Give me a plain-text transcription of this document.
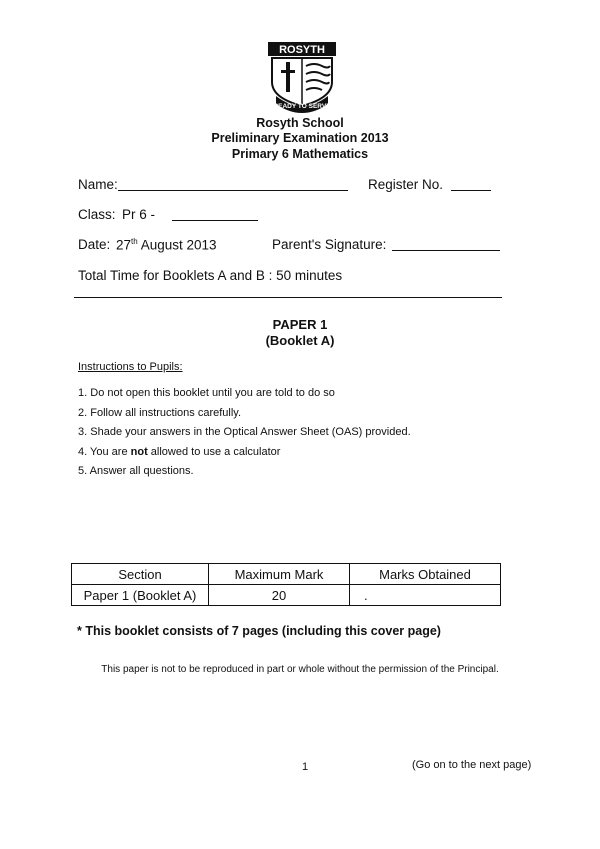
ROSYTH
READY TO SERVE
Rosyth School
Preliminary Examination 2013
Primary 6 Mathematics
Name:	Register No.
Class: Pr 6 -
Date: 27th August 2013	Parent's Signature:
Total Time for Booklets A and B : 50 minutes
PAPER 1
(Booklet A)
Instructions to Pupils:
1. Do not open this booklet until you are told to do so
2. Follow all instructions carefully.
3. Shade your answers in the Optical Answer Sheet (OAS) provided.
4. You are not allowed to use a calculator
5. Answer all questions.
Section	Maximum Mark	Marks Obtained
Paper 1 (Booklet A)	20	.
* This booklet consists of 7 pages (including this cover page)
This paper is not to be reproduced in part or whole without the permission of the Principal.
1	(Go on to the next page)
